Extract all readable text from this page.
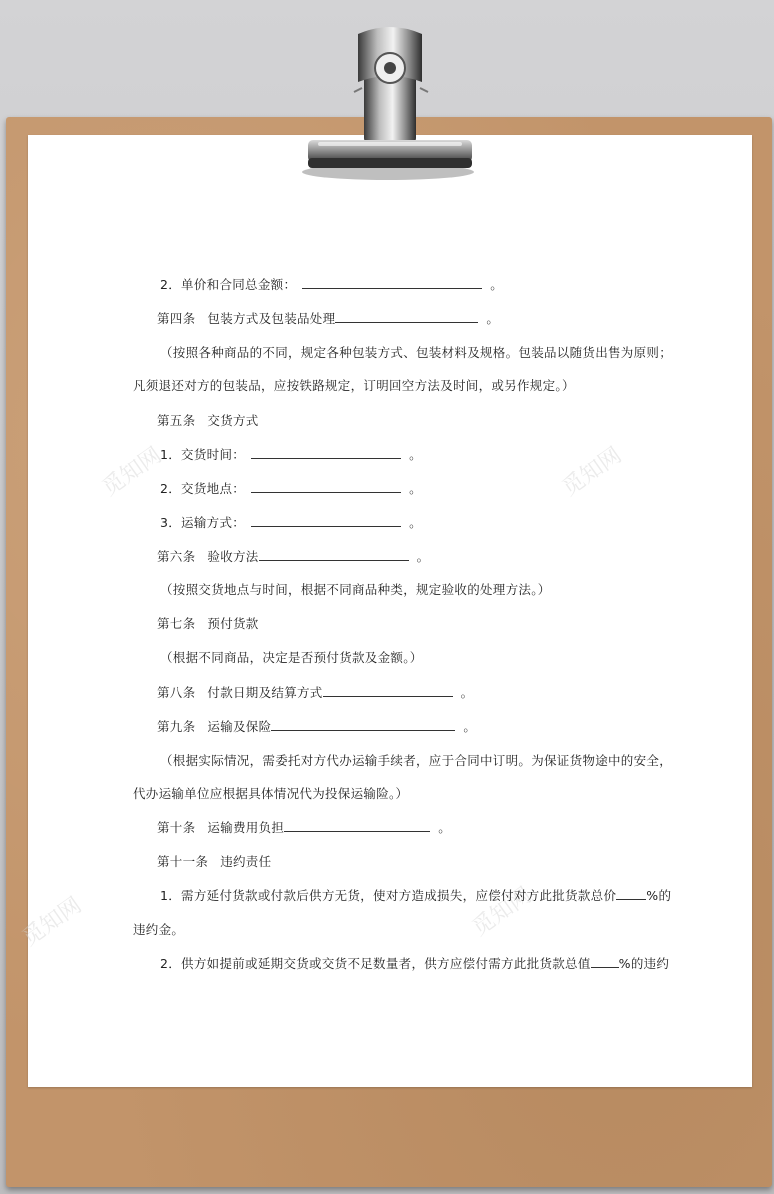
觅知网	觅知网
觅知网	觅知网
2．单价和合同总金额：	。
第四条 包装方式及包装品处理	。
（按照各种商品的不同，规定各种包装方式、包装材料及规格。包装品以随货出售为原则；
凡须退还对方的包装品，应按铁路规定，订明回空方法及时间，或另作规定。）
第五条 交货方式
1．交货时间：	。
2．交货地点：	。
3．运输方式：	。
第六条 验收方法	。
（按照交货地点与时间，根据不同商品种类，规定验收的处理方法。）
第七条 预付货款
（根据不同商品，决定是否预付货款及金额。）
第八条 付款日期及结算方式	。
第九条 运输及保险	。
（根据实际情况，需委托对方代办运输手续者，应于合同中订明。为保证货物途中的安全，
代办运输单位应根据具体情况代为投保运输险。）
第十条 运输费用负担	。
第十一条 违约责任
1．需方延付货款或付款后供方无货，使对方造成损失，应偿付对方此批货款总价 %的
违约金。
2．供方如提前或延期交货或交货不足数量者，供方应偿付需方此批货款总值 %的违约
